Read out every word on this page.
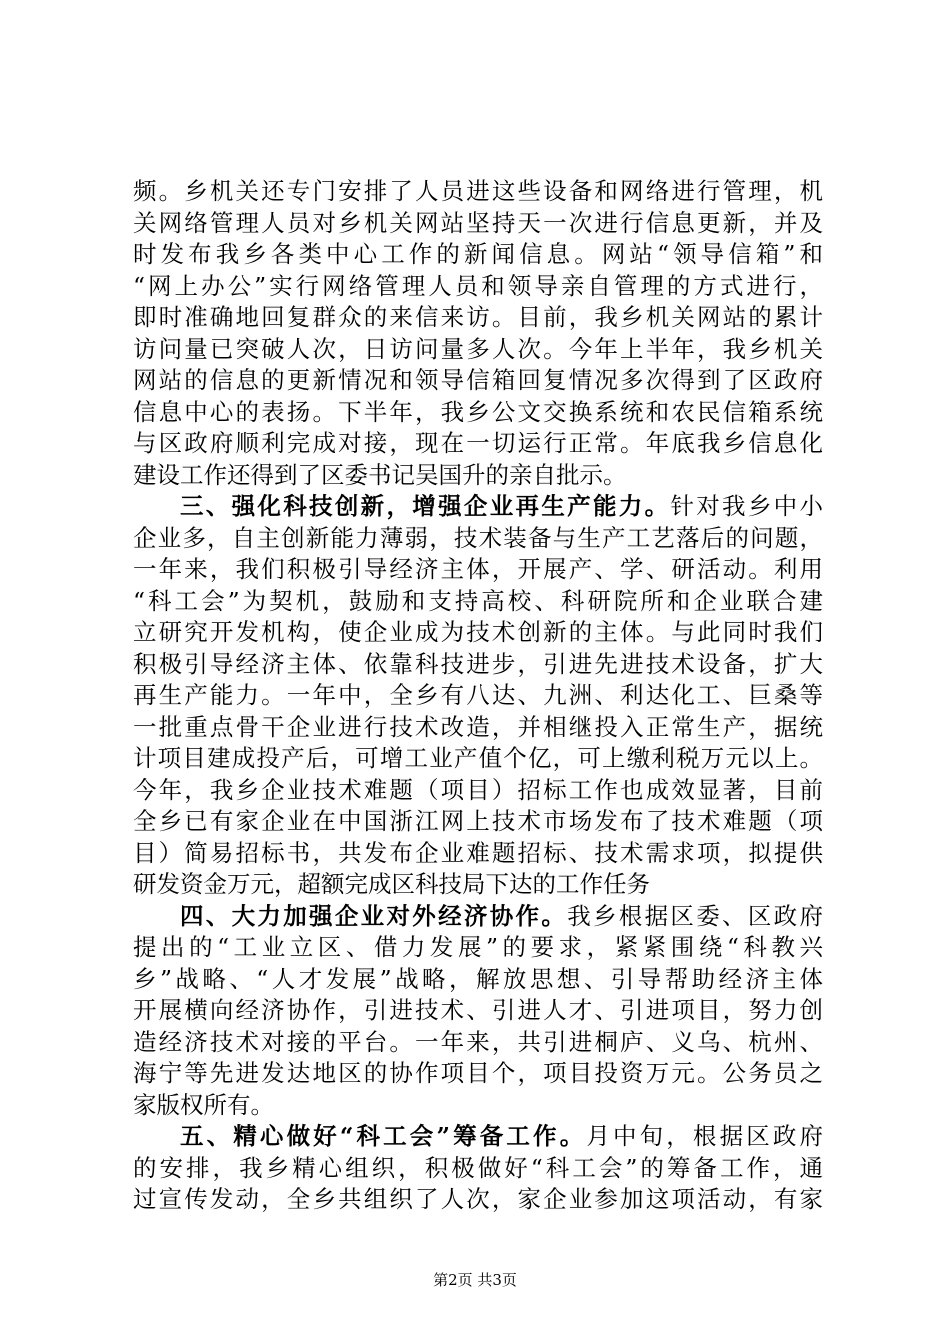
频。乡机关还专门安排了人员进这些设备和网络进行管理，机
关网络管理人员对乡机关网站坚持天一次进行信息更新，并及
时发布我乡各类中心工作的新闻信息。网站“领导信箱”和
“网上办公”实行网络管理人员和领导亲自管理的方式进行，
即时准确地回复群众的来信来访。目前，我乡机关网站的累计
访问量已突破人次，日访问量多人次。今年上半年，我乡机关
网站的信息的更新情况和领导信箱回复情况多次得到了区政府
信息中心的表扬。下半年，我乡公文交换系统和农民信箱系统
与区政府顺利完成对接，现在一切运行正常。年底我乡信息化
建设工作还得到了区委书记吴国升的亲自批示。
三、强化科技创新，增强企业再生产能力。针对我乡中小
企业多，自主创新能力薄弱，技术装备与生产工艺落后的问题，
一年来，我们积极引导经济主体，开展产、学、研活动。利用
“科工会”为契机，鼓励和支持高校、科研院所和企业联合建
立研究开发机构，使企业成为技术创新的主体。与此同时我们
积极引导经济主体、依靠科技进步，引进先进技术设备，扩大
再生产能力。一年中，全乡有八达、九洲、利达化工、巨桑等
一批重点骨干企业进行技术改造，并相继投入正常生产，据统
计项目建成投产后，可增工业产值个亿，可上缴利税万元以上。
今年，我乡企业技术难题（项目）招标工作也成效显著，目前
全乡已有家企业在中国浙江网上技术市场发布了技术难题（项
目）简易招标书，共发布企业难题招标、技术需求项，拟提供
研发资金万元，超额完成区科技局下达的工作任务
四、大力加强企业对外经济协作。我乡根据区委、区政府
提出的“工业立区、借力发展”的要求，紧紧围绕“科教兴
乡”战略、“人才发展”战略，解放思想、引导帮助经济主体
开展横向经济协作，引进技术、引进人才、引进项目，努力创
造经济技术对接的平台。一年来，共引进桐庐、义乌、杭州、
海宁等先进发达地区的协作项目个，项目投资万元。公务员之
家版权所有。
五、精心做好“科工会”筹备工作。月中旬，根据区政府
的安排，我乡精心组织，积极做好“科工会”的筹备工作，通
过宣传发动，全乡共组织了人次，家企业参加这项活动，有家
第2页 共3页
